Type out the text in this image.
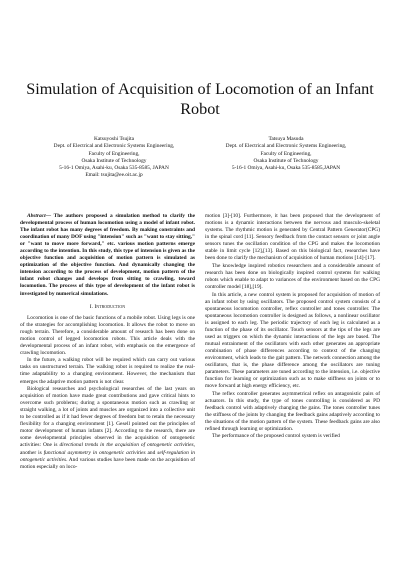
Simulation of Acquisition of Locomotion of an Infant Robot
Katsuyoshi Tsujita
Dept. of Electrical and Electronic Systems Engineering,
Faculty of Engineering,
Osaka Institute of Technology
5-16-1 Omiya, Asahi-ku, Osaka 535-8585, JAPAN
Email: tsujita@ee.oit.ac.jp
Tatsuya Masuda
Dept. of Electrical and Electronic Systems Engineering,
Faculty of Engineering,
Osaka Institute of Technology
5-16-1 Omiya, Asahi-ku, Osaka 535-8585,JAPAN

Abstract— The authors proposed a simulation method to clarify the developmental process of human locomotion using a model of infant robot. The infant robot has many degrees of freedom. By making constraints and coordination of many DOF using "intension" such as "want to stay sitting," or "want to move more forward," etc. various motion patterns emerge according to the intention. In this study, this type of intension is given as the objective function and acquisition of motion pattern is simulated as optimization of the objective function. And dynamically changing the intension according to the process of development, motion pattern of the infant robot changes and develops from sitting to crawling, toward locomotion. The process of this type of development of the infant robot is investigated by numerical simulations.

I. Introduction

Locomotion is one of the basic functions of a mobile robot. Using legs is one of the strategies for accomplishing locomotion. It allows the robot to move on rough terrain. Therefore, a considerable amount of research has been done on motion control of legged locomotion robots. This article deals with the developmental process of an infant robot, with emphasis on the emergence of crawling locomotion.

In the future, a walking robot will be required which can carry out various tasks on unstructured terrain. The walking robot is required to realize the real-time adaptability to a changing environment. However, the mechanism that emerges the adaptive motion pattern is not clear.

Biological researches and psychological researches of the last years on acquisition of motion have made great contributions and gave critical hints to overcome such problems; during a spontaneous motion such as crawling or straight walking, a lot of joints and muscles are organized into a collective unit to be controlled as if it had fewer degrees of freedom but to retain the necessary flexibility for a changing environment [1]. Gesell pointed out the principles of motor development of human infants [2]. According to the research, there are some developmental principles observed in the acquisition of ontogenetic activities: One is directional trends in the acquisition of ontogenetic activities, another is functional asymmetry in ontogenetic activities and self-regulation in ontogenetic activities. And various studies have been made on the acquisition of motion especially on loco-

motion [3]-[10]. Furthermore, it has been proposed that the development of motions is a dynamic interactions between the nervous and musculo-skeletal systems. The rhythmic motion is generated by Central Pattern Generator(CPG) in the spinal cord [11]. Sensory feedback from the contact sensors or joint angle sensors tunes the oscillation condition of the CPG and makes the locomotion stable in limit cycle [12],[13]. Based on this biological fact, researches have been done to clarify the mechanism of acquisition of human motions [14]-[17].

The knowledge inspired robotics researchers and a considerable amount of research has been done on biologically inspired control systems for walking robots which enable to adapt to variances of the environment based on the CPG controller model [18],[19].

In this article, a new control system is proposed for acquisition of motion of an infant robot by using oscillators. The proposed control system consists of a spontaneous locomotion controller, reflex controller and tones controller. The spontaneous locomotion controller is designed as follows, a nonlinear oscillator is assigned to each leg. The periodic trajectory of each leg is calculated as a function of the phase of its oscillator. Touch sensors at the tips of the legs are used as triggers on which the dynamic interactions of the legs are based. The mutual entrainment of the oscillators with each other generates an appropriate combination of phase differences according to context of the changing environment, which leads to the gait pattern. The network connection among the oscillators, that is, the phase difference among the oscillators are tuning parameters. These parameters are tuned according to the intension, i.e. objective function for learning or optimization such as to make stiffness on joints or to move forward at high energy efficiency, etc.

The reflex controller generates asymmetrical reflex on antagonistic pairs of actuators. In this study, the type of tones controlling is considered as PD feedback control with adaptively changing the gains. The tones controller tunes the stiffness of the joints by changing the feedback gains adaptively according to the situations of the motion pattern of the system. These feedback gains are also refined through learning or optimization.

The performance of the proposed control system is verified
